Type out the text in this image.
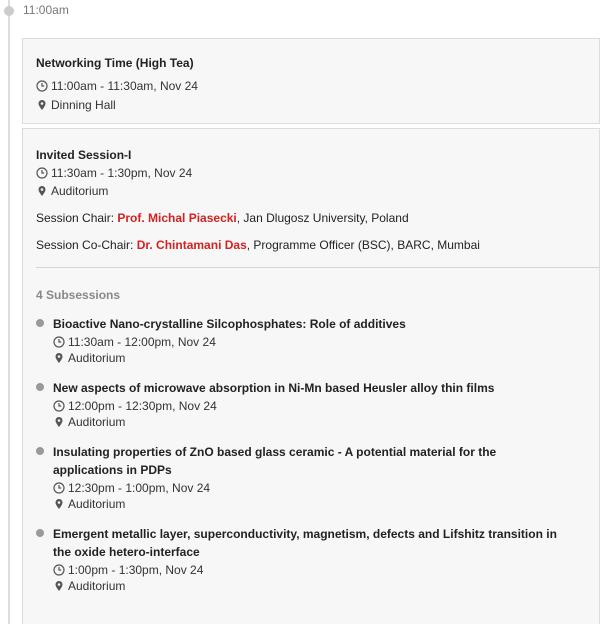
11:00am
Networking Time (High Tea)
11:00am - 11:30am, Nov 24
Dinning Hall
Invited Session-I
11:30am - 1:30pm, Nov 24
Auditorium
Session Chair: Prof. Michal Piasecki, Jan Dlugosz University, Poland
Session Co-Chair: Dr. Chintamani Das, Programme Officer (BSC), BARC, Mumbai
4 Subsessions
Bioactive Nano-crystalline Silcophosphates: Role of additives
11:30am - 12:00pm, Nov 24
Auditorium
New aspects of microwave absorption in Ni-Mn based Heusler alloy thin films
12:00pm - 12:30pm, Nov 24
Auditorium
Insulating properties of ZnO based glass ceramic - A potential material for the applications in PDPs
12:30pm - 1:00pm, Nov 24
Auditorium
Emergent metallic layer, superconductivity, magnetism, defects and Lifshitz transition in the oxide hetero-interface
1:00pm - 1:30pm, Nov 24
Auditorium
